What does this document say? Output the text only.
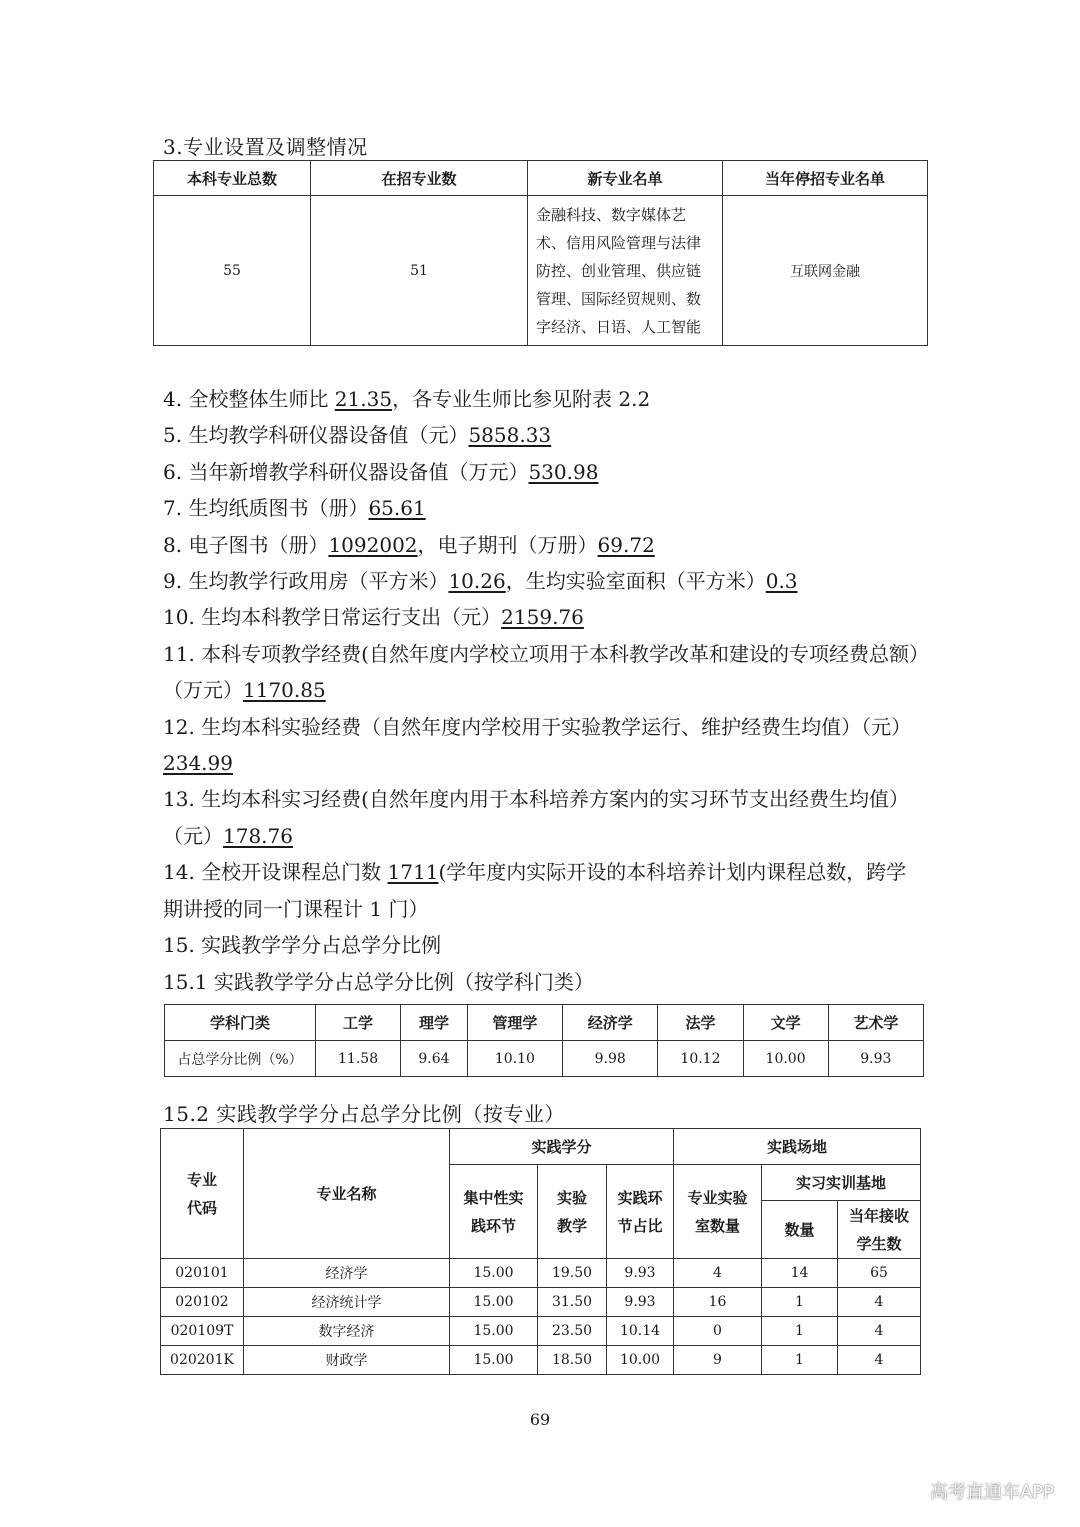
3.专业设置及调整情况
本科专业总数	在招专业数	新专业名单	当年停招专业名单
55	51	金融科技、数字媒体艺术、信用风险管理与法律防控、创业管理、供应链管理、国际经贸规则、数字经济、日语、人工智能	互联网金融

4. 全校整体生师比 21.35，各专业生师比参见附表 2.2

5. 生均教学科研仪器设备值（元）5858.33

6. 当年新增教学科研仪器设备值（万元）530.98

7. 生均纸质图书（册）65.61

8. 电子图书（册）1092002，电子期刊（万册）69.72

9. 生均教学行政用房（平方米）10.26，生均实验室面积（平方米）0.3

10. 生均本科教学日常运行支出（元）2159.76

11. 本科专项教学经费(自然年度内学校立项用于本科教学改革和建设的专项经费总额）（万元）1170.85

12. 生均本科实验经费（自然年度内学校用于实验教学运行、维护经费生均值）（元）234.99

13. 生均本科实习经费(自然年度内用于本科培养方案内的实习环节支出经费生均值）（元）178.76

14. 全校开设课程总门数 1711(学年度内实际开设的本科培养计划内课程总数，跨学期讲授的同一门课程计 1 门）

15. 实践教学学分占总学分比例

15.1 实践教学学分占总学分比例（按学科门类）

学科门类	工学	理学	管理学	经济学	法学	文学	艺术学
占总学分比例（%）	11.58	9.64	10.10	9.98	10.12	10.00	9.93
15.2 实践教学学分占总学分比例（按专业）
专业代码	专业名称	实践学分			实践场地		

		集中性实践环节	实验教学	实践环节占比	专业实验室数量	实习实训基地	
						数量	当年接收学生数

020101	经济学	15.00	19.50	9.93	4	14	65
020102	经济统计学	15.00	31.50	9.93	16	1	4
020109T	数字经济	15.00	23.50	10.14	0	1	4
020201K	财政学	15.00	18.50	10.00	9	1	4
69
高考直通车APP
